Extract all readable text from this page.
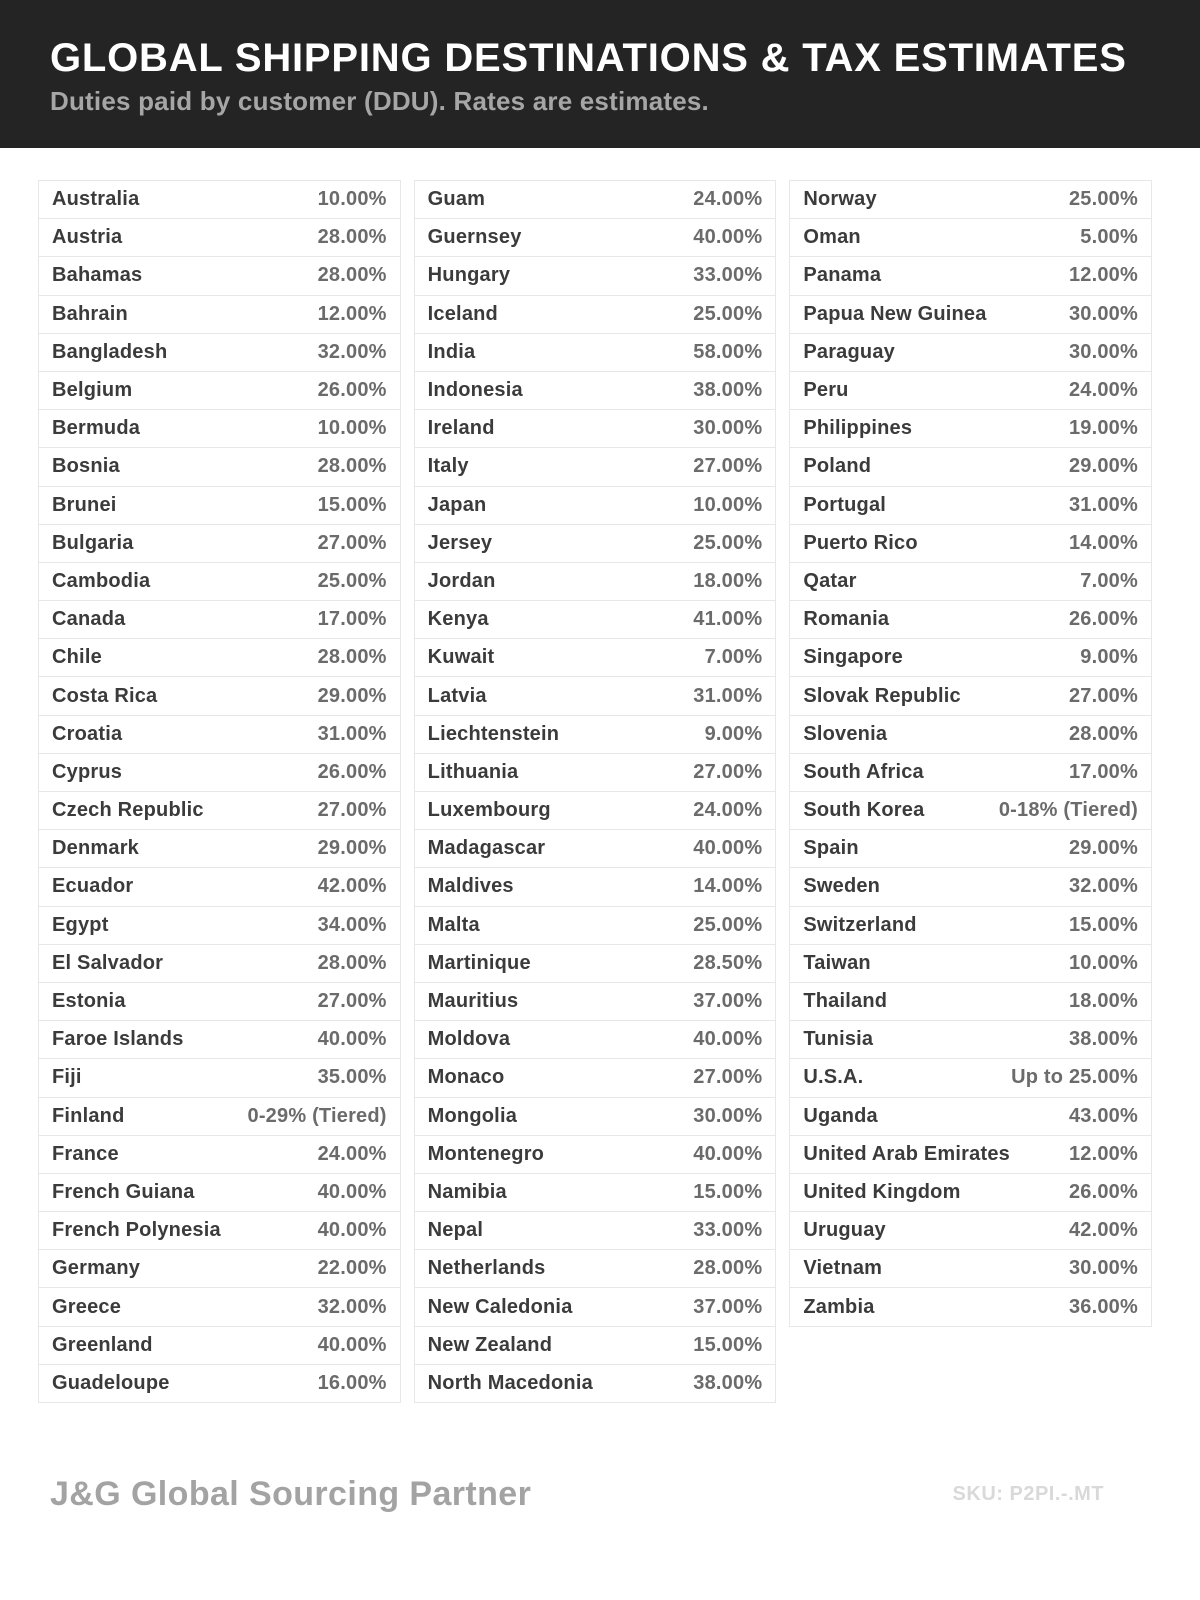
GLOBAL SHIPPING DESTINATIONS & TAX ESTIMATES

Duties paid by customer (DDU). Rates are estimates.

Australia	10.00%
Austria	28.00%
Bahamas	28.00%
Bahrain	12.00%
Bangladesh	32.00%
Belgium	26.00%
Bermuda	10.00%
Bosnia	28.00%
Brunei	15.00%
Bulgaria	27.00%
Cambodia	25.00%
Canada	17.00%
Chile	28.00%
Costa Rica	29.00%
Croatia	31.00%
Cyprus	26.00%
Czech Republic	27.00%
Denmark	29.00%
Ecuador	42.00%
Egypt	34.00%
El Salvador	28.00%
Estonia	27.00%
Faroe Islands	40.00%
Fiji	35.00%
Finland	0-29% (Tiered)
France	24.00%
French Guiana	40.00%
French Polynesia	40.00%
Germany	22.00%
Greece	32.00%
Greenland	40.00%
Guadeloupe	16.00%
Guam	24.00%
Guernsey	40.00%
Hungary	33.00%
Iceland	25.00%
India	58.00%
Indonesia	38.00%
Ireland	30.00%
Italy	27.00%
Japan	10.00%
Jersey	25.00%
Jordan	18.00%
Kenya	41.00%
Kuwait	7.00%
Latvia	31.00%
Liechtenstein	9.00%
Lithuania	27.00%
Luxembourg	24.00%
Madagascar	40.00%
Maldives	14.00%
Malta	25.00%
Martinique	28.50%
Mauritius	37.00%
Moldova	40.00%
Monaco	27.00%
Mongolia	30.00%
Montenegro	40.00%
Namibia	15.00%
Nepal	33.00%
Netherlands	28.00%
New Caledonia	37.00%
New Zealand	15.00%
North Macedonia	38.00%
Norway	25.00%
Oman	5.00%
Panama	12.00%
Papua New Guinea	30.00%
Paraguay	30.00%
Peru	24.00%
Philippines	19.00%
Poland	29.00%
Portugal	31.00%
Puerto Rico	14.00%
Qatar	7.00%
Romania	26.00%
Singapore	9.00%
Slovak Republic	27.00%
Slovenia	28.00%
South Africa	17.00%
South Korea	0-18% (Tiered)
Spain	29.00%
Sweden	32.00%
Switzerland	15.00%
Taiwan	10.00%
Thailand	18.00%
Tunisia	38.00%
U.S.A.	Up to 25.00%
Uganda	43.00%
United Arab Emirates	12.00%
United Kingdom	26.00%
Uruguay	42.00%
Vietnam	30.00%
Zambia	36.00%
J&G Global Sourcing Partner	SKU: P2PI.-.MT
